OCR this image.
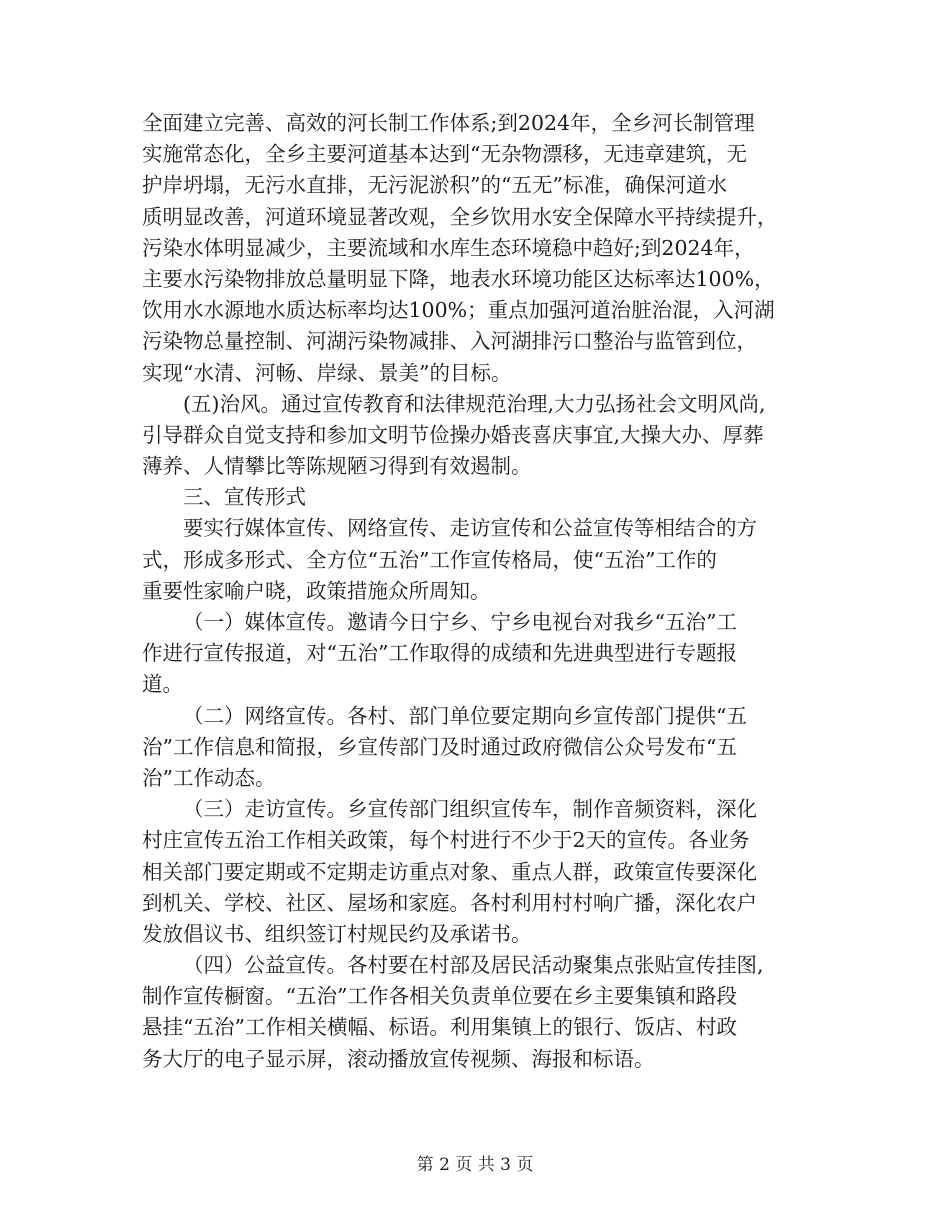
全面建立完善、高效的河长制工作体系;到2024年，全乡河长制管理
实施常态化，全乡主要河道基本达到“无杂物漂移，无违章建筑，无
护岸坍塌，无污水直排，无污泥淤积”的“五无”标准，确保河道水
质明显改善，河道环境显著改观，全乡饮用水安全保障水平持续提升，
污染水体明显减少，主要流域和水库生态环境稳中趋好;到2024年，
主要水污染物排放总量明显下降，地表水环境功能区达标率达100%，
饮用水水源地水质达标率均达100%；重点加强河道治脏治混，入河湖
污染物总量控制、河湖污染物减排、入河湖排污口整治与监管到位，
实现“水清、河畅、岸绿、景美”的目标。
(五)治风。通过宣传教育和法律规范治理,大力弘扬社会文明风尚,
引导群众自觉支持和参加文明节俭操办婚丧喜庆事宜,大操大办、厚葬
薄养、人情攀比等陈规陋习得到有效遏制。
三、宣传形式
要实行媒体宣传、网络宣传、走访宣传和公益宣传等相结合的方
式，形成多形式、全方位“五治”工作宣传格局，使“五治”工作的
重要性家喻户晓，政策措施众所周知。
（一）媒体宣传。邀请今日宁乡、宁乡电视台对我乡“五治”工
作进行宣传报道，对“五治”工作取得的成绩和先进典型进行专题报
道。
（二）网络宣传。各村、部门单位要定期向乡宣传部门提供“五
治”工作信息和简报，乡宣传部门及时通过政府微信公众号发布“五
治”工作动态。
（三）走访宣传。乡宣传部门组织宣传车，制作音频资料，深化
村庄宣传五治工作相关政策，每个村进行不少于2天的宣传。各业务
相关部门要定期或不定期走访重点对象、重点人群，政策宣传要深化
到机关、学校、社区、屋场和家庭。各村利用村村响广播，深化农户
发放倡议书、组织签订村规民约及承诺书。
（四）公益宣传。各村要在村部及居民活动聚集点张贴宣传挂图,
制作宣传橱窗。“五治”工作各相关负责单位要在乡主要集镇和路段
悬挂“五治”工作相关横幅、标语。利用集镇上的银行、饭店、村政
务大厅的电子显示屏，滚动播放宣传视频、海报和标语。
第 2 页 共 3 页
